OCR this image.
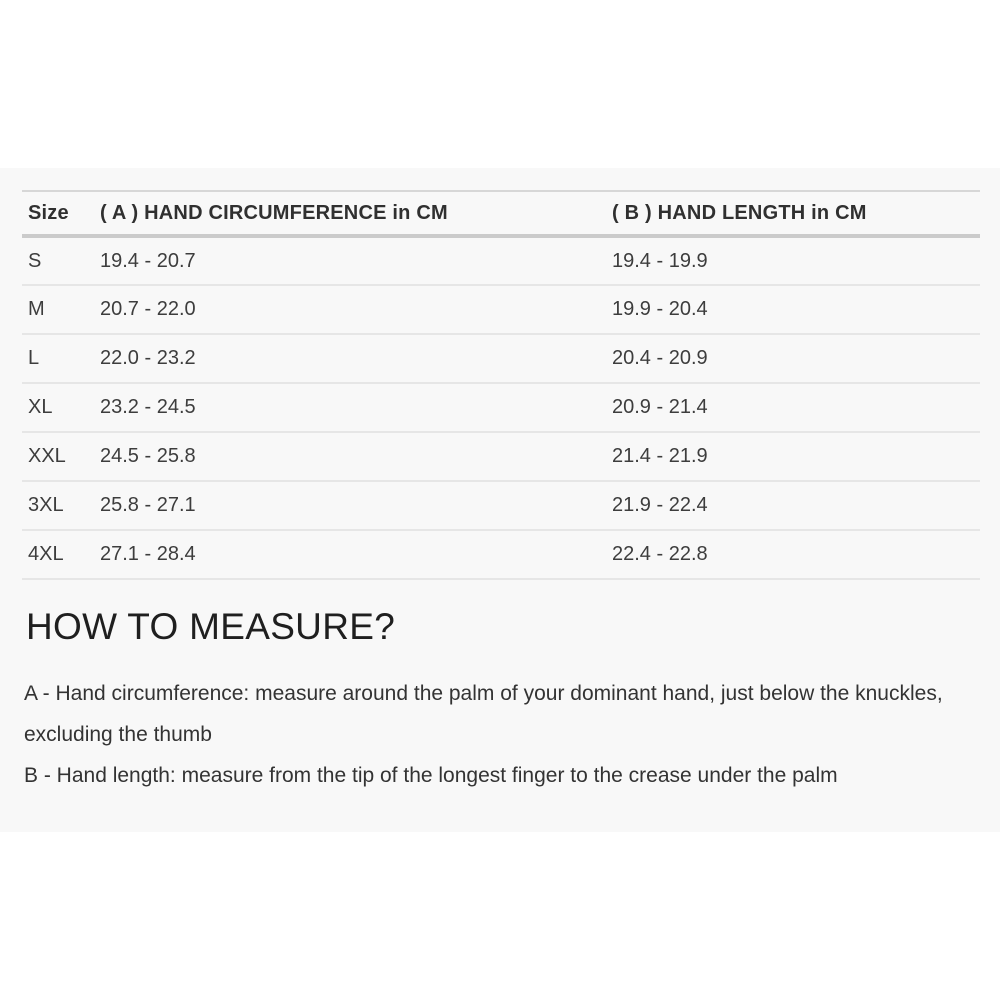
Size	( A ) HAND CIRCUMFERENCE in CM	( B ) HAND LENGTH in CM
S	19.4 - 20.7	19.4 - 19.9
M	20.7 - 22.0	19.9 - 20.4
L	22.0 - 23.2	20.4 - 20.9
XL	23.2 - 24.5	20.9 - 21.4
XXL	24.5 - 25.8	21.4 - 21.9
3XL	25.8 - 27.1	21.9 - 22.4
4XL	27.1 - 28.4	22.4 - 22.8
HOW TO MEASURE?

A - Hand circumference: measure around the palm of your dominant hand, just below the knuckles, excluding the thumb

B - Hand length: measure from the tip of the longest finger to the crease under the palm
